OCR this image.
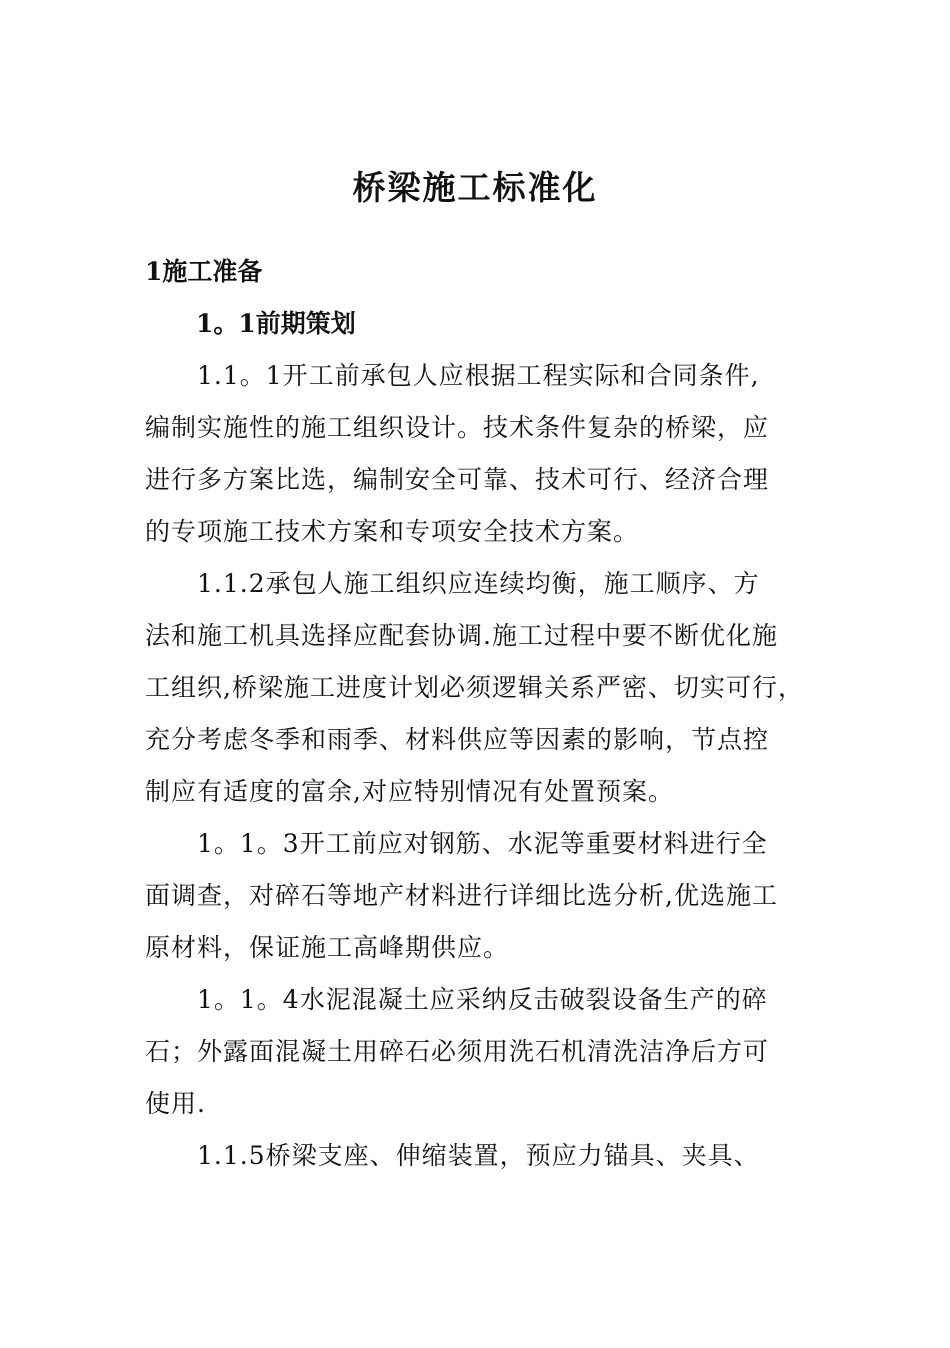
桥梁施工标准化
1施工准备
1。1前期策划
1.1。1开工前承包人应根据工程实际和合同条件,
编制实施性的施工组织设计。技术条件复杂的桥梁，应
进行多方案比选，编制安全可靠、技术可行、经济合理
的专项施工技术方案和专项安全技术方案。
1.1.2承包人施工组织应连续均衡，施工顺序、方
法和施工机具选择应配套协调.施工过程中要不断优化施
工组织,桥梁施工进度计划必须逻辑关系严密、切实可行，
充分考虑冬季和雨季、材料供应等因素的影响，节点控
制应有适度的富余,对应特别情况有处置预案。
1。1。3开工前应对钢筋、水泥等重要材料进行全
面调查，对碎石等地产材料进行详细比选分析,优选施工
原材料，保证施工高峰期供应。
1。1。4水泥混凝土应采纳反击破裂设备生产的碎
石；外露面混凝土用碎石必须用洗石机清洗洁净后方可
使用.
1.1.5桥梁支座、伸缩装置，预应力锚具、夹具、
